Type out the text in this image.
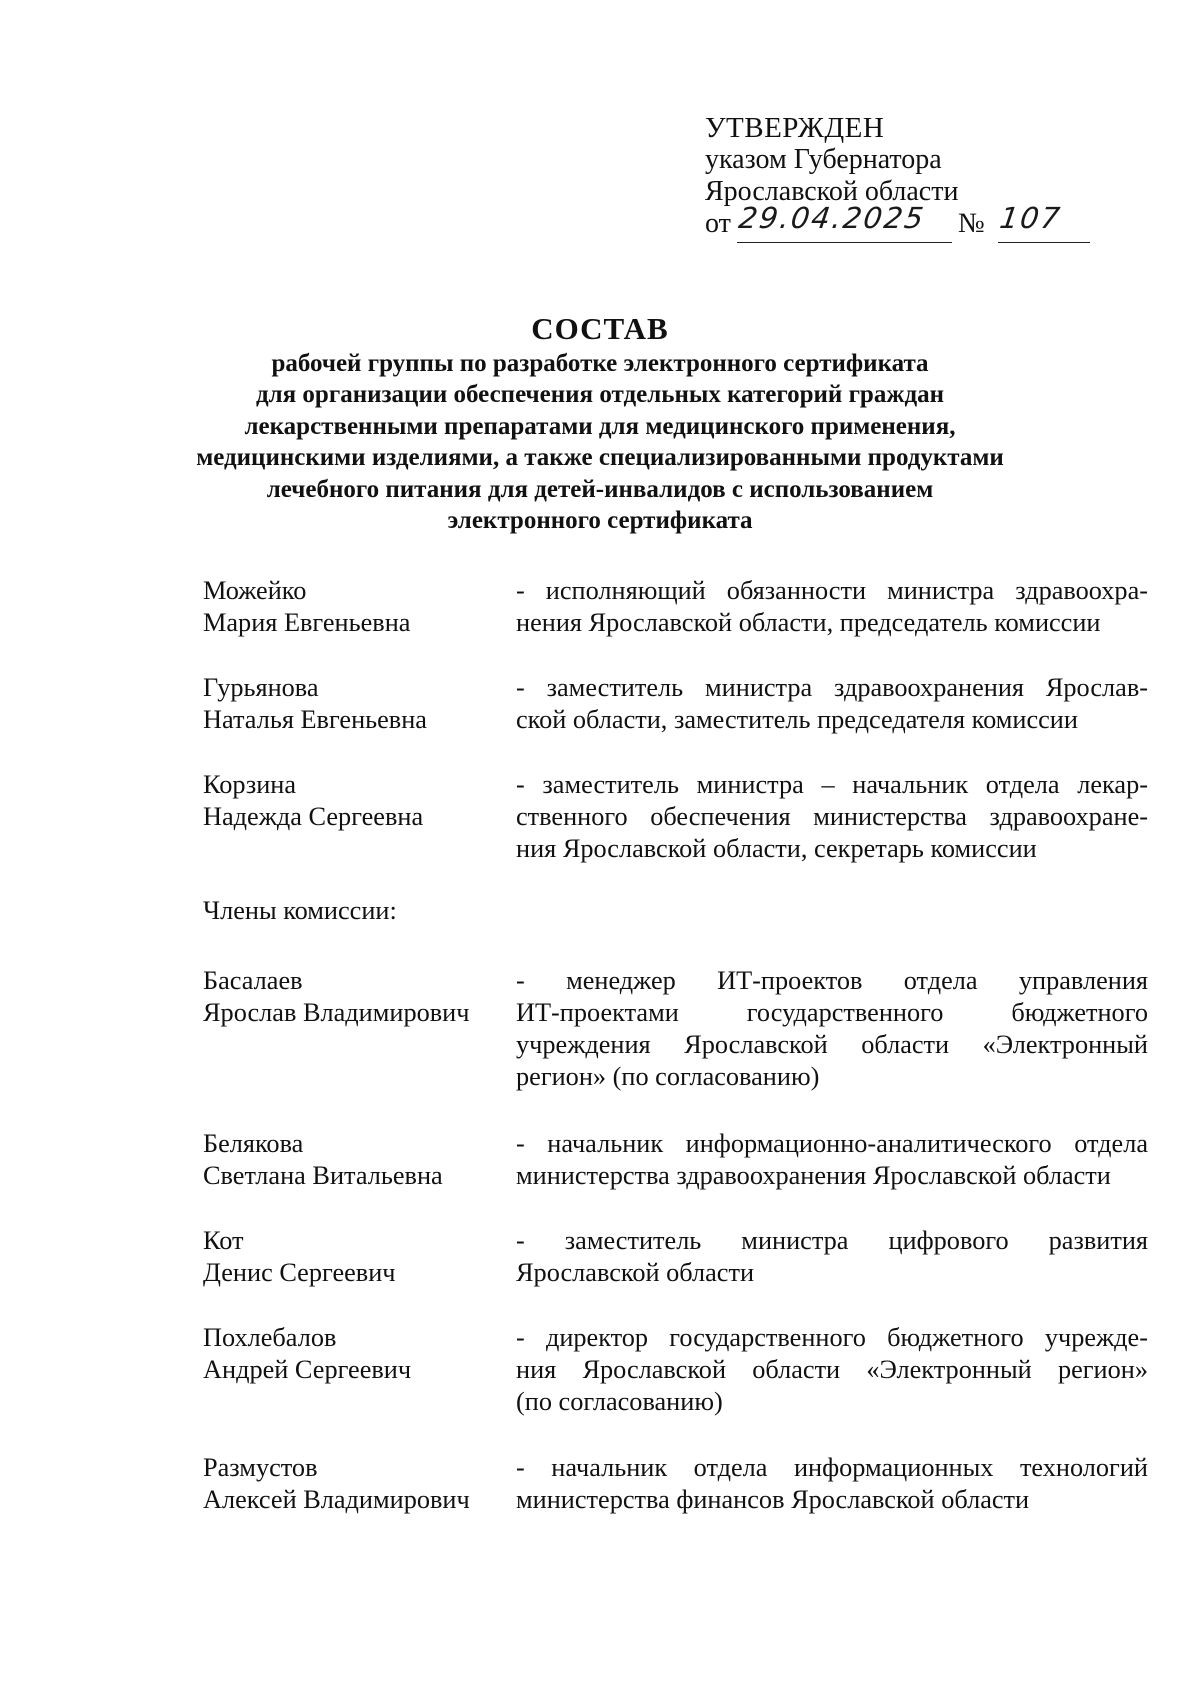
УТВЕРЖДЕН
указом Губернатора
Ярославской области
от 29.04.2025 № 107
СОСТАВ
рабочей группы по разработке электронного сертификата
для организации обеспечения отдельных категорий граждан
лекарственными препаратами для медицинского применения,
медицинскими изделиями, а также специализированными продуктами
лечебного питания для детей-инвалидов с использованием
электронного сертификата
Можейко
Мария Евгеньевна
- исполняющий обязанности министра здравоохра-
нения Ярославской области, председатель комиссии
Гурьянова
Наталья Евгеньевна
- заместитель министра здравоохранения Ярослав-
ской области, заместитель председателя комиссии
Корзина
Надежда Сергеевна
- заместитель министра – начальник отдела лекар-
ственного обеспечения министерства здравоохране-
ния Ярославской области, секретарь комиссии
Члены комиссии:
Басалаев
Ярослав Владимирович
- менеджер ИТ-проектов отдела управления
ИТ-проектами государственного бюджетного
учреждения Ярославской области «Электронный
регион» (по согласованию)
Белякова
Светлана Витальевна
- начальник информационно-аналитического отдела
министерства здравоохранения Ярославской области
Кот
Денис Сергеевич
- заместитель министра цифрового развития
Ярославской области
Похлебалов
Андрей Сергеевич
- директор государственного бюджетного учрежде-
ния Ярославской области «Электронный регион»
(по согласованию)
Размустов
Алексей Владимирович
- начальник отдела информационных технологий
министерства финансов Ярославской области
